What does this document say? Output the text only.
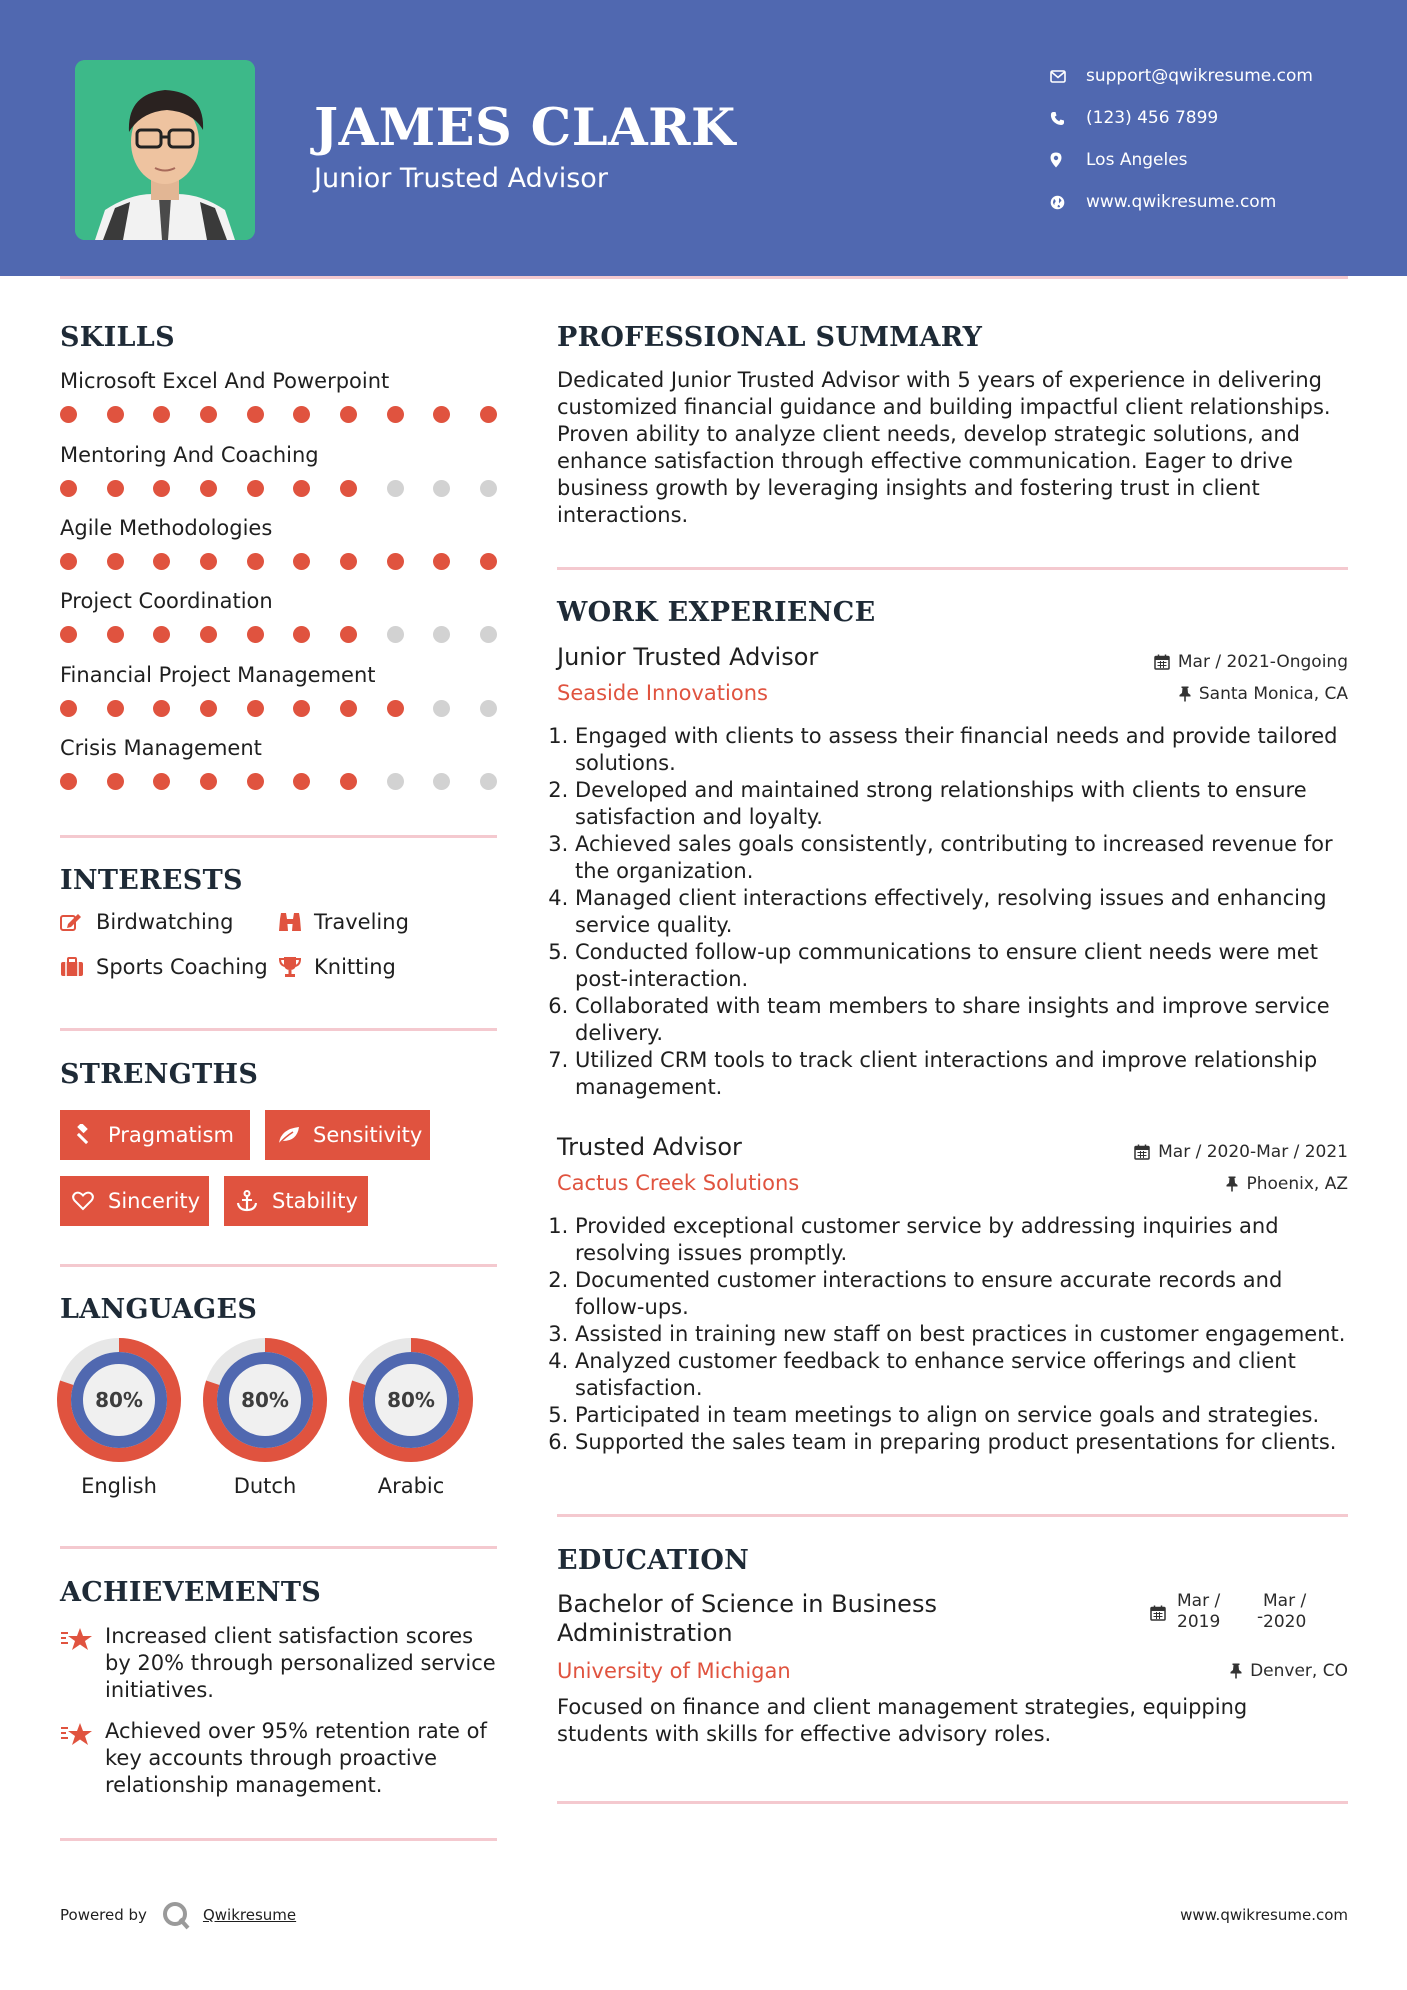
JAMES CLARK
Junior Trusted Advisor
support@qwikresume.com
(123) 456 7899
Los Angeles
www.qwikresume.com
SKILLS
Microsoft Excel And Powerpoint
Mentoring And Coaching
Agile Methodologies
Project Coordination
Financial Project Management
Crisis Management
INTERESTS
Birdwatching	Traveling
Sports Coaching Knitting
STRENGTHS
Pragmatism	Sensitivity
Sincerity	Stability
LANGUAGES
80%
English
80%
Dutch
80%
Arabic
ACHIEVEMENTS
Increased client satisfaction scores by 20% through personalized service initiatives.
Achieved over 95% retention rate of key accounts through proactive relationship management.
PROFESSIONAL SUMMARY
Dedicated Junior Trusted Advisor with 5 years of experience in delivering customized financial guidance and building impactful client relationships. Proven ability to analyze client needs, develop strategic solutions, and enhance satisfaction through effective communication. Eager to drive business growth by leveraging insights and fostering trust in client interactions.
WORK EXPERIENCE
Junior Trusted Advisor	Mar / 2021-Ongoing
Seaside Innovations	Santa Monica, CA
1. Engaged with clients to assess their financial needs and provide tailored solutions.
2. Developed and maintained strong relationships with clients to ensure satisfaction and loyalty.
3. Achieved sales goals consistently, contributing to increased revenue for the organization.
4. Managed client interactions effectively, resolving issues and enhancing service quality.
5. Conducted follow-up communications to ensure client needs were met post-interaction.
6. Collaborated with team members to share insights and improve service delivery.
7. Utilized CRM tools to track client interactions and improve relationship management.
Trusted Advisor	Mar / 2020-Mar / 2021
Cactus Creek Solutions	Phoenix, AZ
1. Provided exceptional customer service by addressing inquiries and resolving issues promptly.
2. Documented customer interactions to ensure accurate records and follow-ups.
3. Assisted in training new staff on best practices in customer engagement.
4. Analyzed customer feedback to enhance service offerings and client satisfaction.
5. Participated in team meetings to align on service goals and strategies.
6. Supported the sales team in preparing product presentations for clients.
EDUCATION
Bachelor of Science in Business
Administration
Mar /
2019 -
Mar /
2020
University of Michigan	Denver, CO
Focused on finance and client management strategies, equipping students with skills for effective advisory roles.
Powered by	Qwikresume	www.qwikresume.com
